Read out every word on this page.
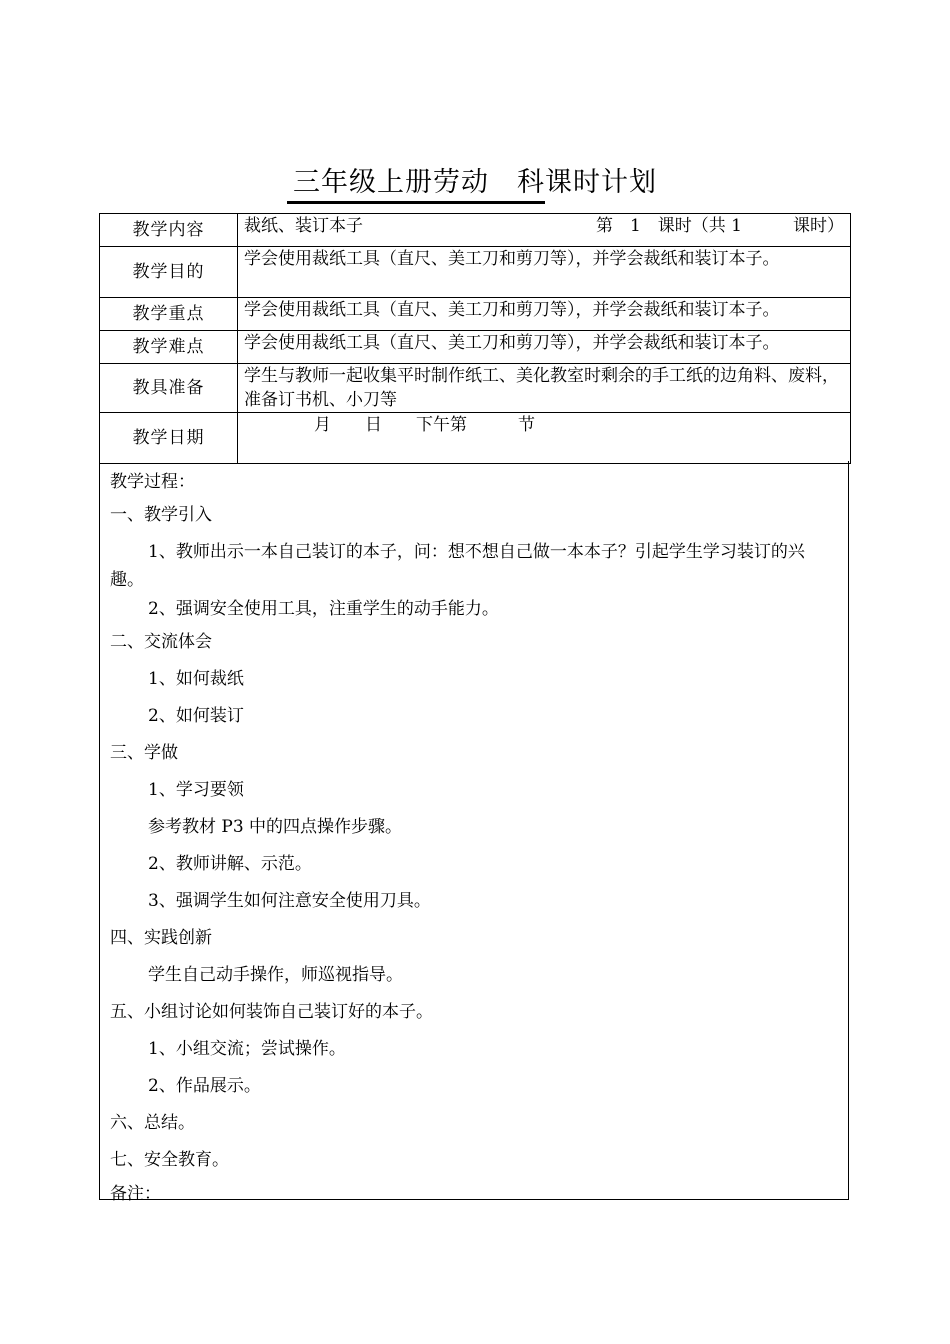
三年级上册劳动　科课时计划
教学内容	裁纸、装订本子 第　1　课时（共 1　　　课时）

教学目的	学会使用裁纸工具（直尺、美工刀和剪刀等），并学会裁纸和装订本子。
教学重点	学会使用裁纸工具（直尺、美工刀和剪刀等），并学会裁纸和装订本子。
教学难点	学会使用裁纸工具（直尺、美工刀和剪刀等），并学会裁纸和装订本子。
教具准备	学生与教师一起收集平时制作纸工、美化教室时剩余的手工纸的边角料、废料，准备订书机、小刀等
教学日期	月　　日　　下午第　　　节
教学过程：
一、教学引入
1、教师出示一本自己装订的本子，问：想不想自己做一本本子？引起学生学习装订的兴趣。
2、强调安全使用工具，注重学生的动手能力。
二、交流体会
1、如何裁纸
2、如何装订
三、学做
1、学习要领
参考教材 P3 中的四点操作步骤。
2、教师讲解、示范。
3、强调学生如何注意安全使用刀具。
四、实践创新
学生自己动手操作，师巡视指导。
五、小组讨论如何装饰自己装订好的本子。
1、小组交流；尝试操作。
2、作品展示。
六、总结。
七、安全教育。
备注：
